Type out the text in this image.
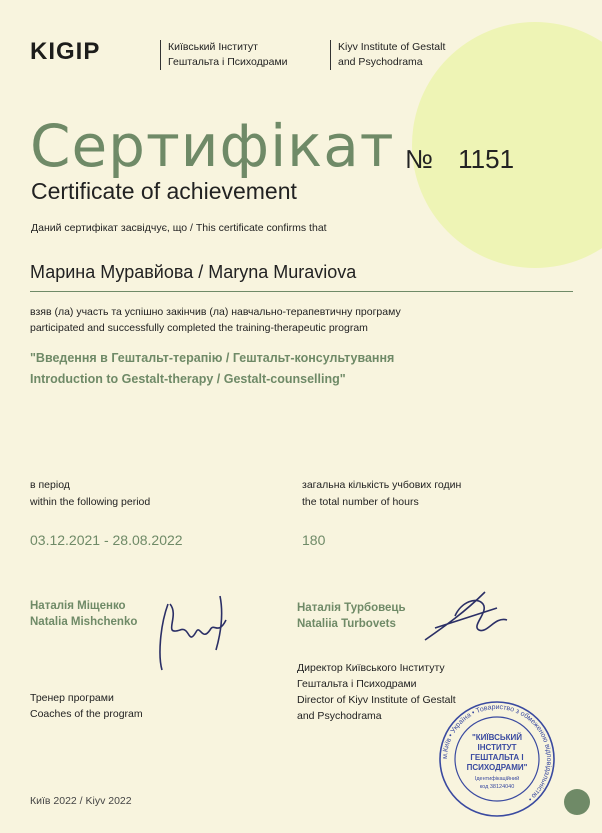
KIGIP	Київський Інститут
Гештальта і Психодрами
Kiyv Institute of Gestalt
and Psychodrama
Сертифікат № 1151
Certificate of achievement
Даний сертифікат засвідчує, що / This certificate confirms that
Марина Муравйова / Maryna Muraviova
взяв (ла) участь та успішно закінчив (ла) навчально-терапевтичну програму
participated and successfully completed the training-therapeutic program
"Введення в Гештальт-терапію / Гештальт-консультування
Introduction to Gestalt-therapy / Gestalt-counselling"
в період
within the following period
03.12.2021 - 28.08.2022
загальна кількість учбових годин
the total number of hours
180
Наталія Міщенко
Natalia Mishchenko
Тренер програми
Coaches of the program
Наталія Турбовець
Nataliia Turbovets
Директор Київського Інституту
Гештальта і Психодрами
Director of Kiyv Institute of Gestalt
and Psychodrama
м.Київ • Україна • Товариство з обмеженою відповідальністю •
"КИЇВСЬКИЙ
ІНСТИТУТ
ГЕШТАЛЬТА І
ПСИХОДРАМИ"
Ідентифікаційний
код 38124040
Київ 2022 / Kiyv 2022
